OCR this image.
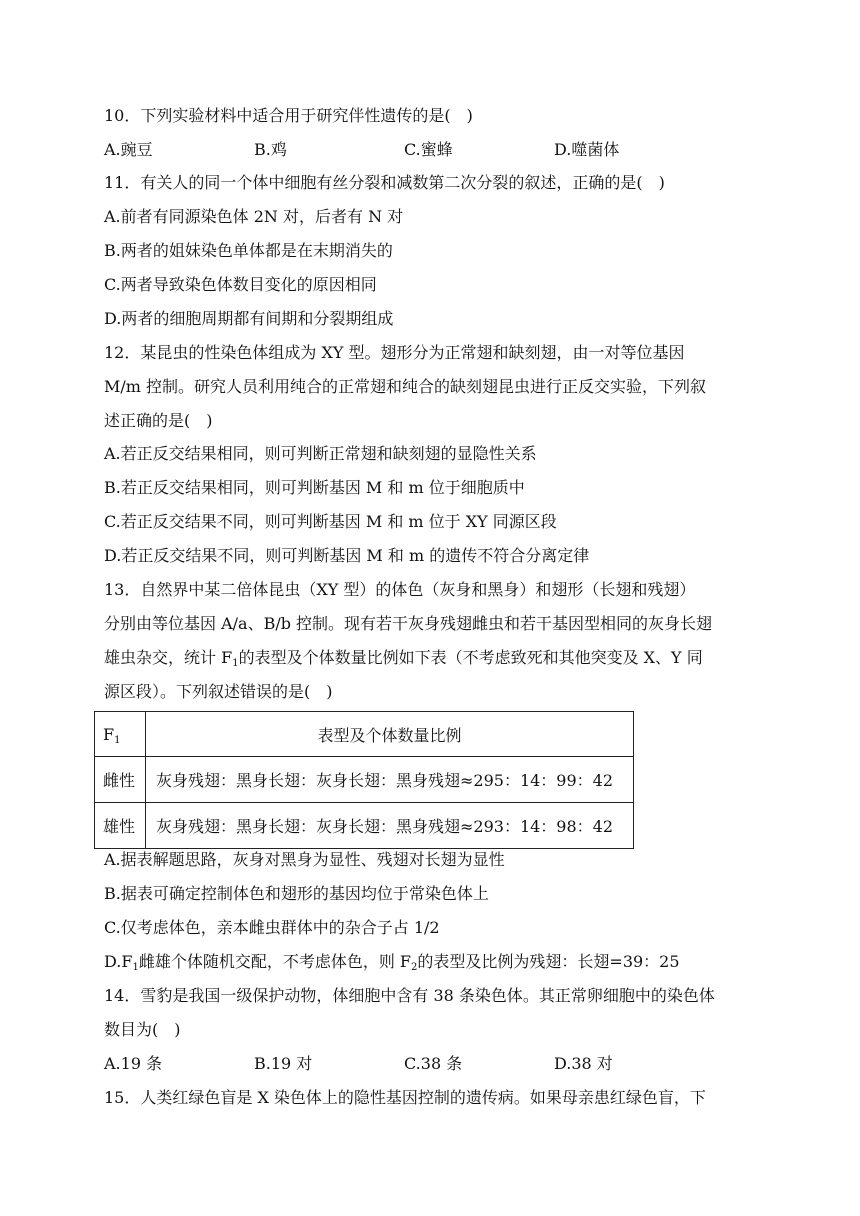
10．下列实验材料中适合用于研究伴性遗传的是(　)
A.豌豆	B.鸡	C.蜜蜂	D.噬菌体
11．有关人的同一个体中细胞有丝分裂和减数第二次分裂的叙述，正确的是(　)
A.前者有同源染色体 2N 对，后者有 N 对
B.两者的姐妹染色单体都是在末期消失的
C.两者导致染色体数目变化的原因相同
D.两者的细胞周期都有间期和分裂期组成
12．某昆虫的性染色体组成为 XY 型。翅形分为正常翅和缺刻翅，由一对等位基因
M/m 控制。研究人员利用纯合的正常翅和纯合的缺刻翅昆虫进行正反交实验，下列叙
述正确的是(　)
A.若正反交结果相同，则可判断正常翅和缺刻翅的显隐性关系
B.若正反交结果相同，则可判断基因 M 和 m 位于细胞质中
C.若正反交结果不同，则可判断基因 M 和 m 位于 XY 同源区段
D.若正反交结果不同，则可判断基因 M 和 m 的遗传不符合分离定律
13．自然界中某二倍体昆虫（XY 型）的体色（灰身和黑身）和翅形（长翅和残翅）
分别由等位基因 A/a、B/b 控制。现有若干灰身残翅雌虫和若干基因型相同的灰身长翅
雄虫杂交，统计 $F_1$的表型及个体数量比例如下表（不考虑致死和其他突变及 X、Y 同
源区段）。下列叙述错误的是(　)
$F_1$	表型及个体数量比例
雌性	灰身残翅：黑身长翅：灰身长翅：黑身残翅≈295：14：99：42
雄性	灰身残翅：黑身长翅：灰身长翅：黑身残翅≈293：14：98：42
A.据表解题思路，灰身对黑身为显性、残翅对长翅为显性
B.据表可确定控制体色和翅形的基因均位于常染色体上
C.仅考虑体色，亲本雌虫群体中的杂合子占 1/2
$D.F_1$雌雄个体随机交配，不考虑体色，则 $F_2$的表型及比例为残翅：长翅=39：25
14．雪豹是我国一级保护动物，体细胞中含有 38 条染色体。其正常卵细胞中的染色体
数目为(　)
A.19 条	B.19 对	C.38 条	D.38 对
15．人类红绿色盲是 X 染色体上的隐性基因控制的遗传病。如果母亲患红绿色盲，下
